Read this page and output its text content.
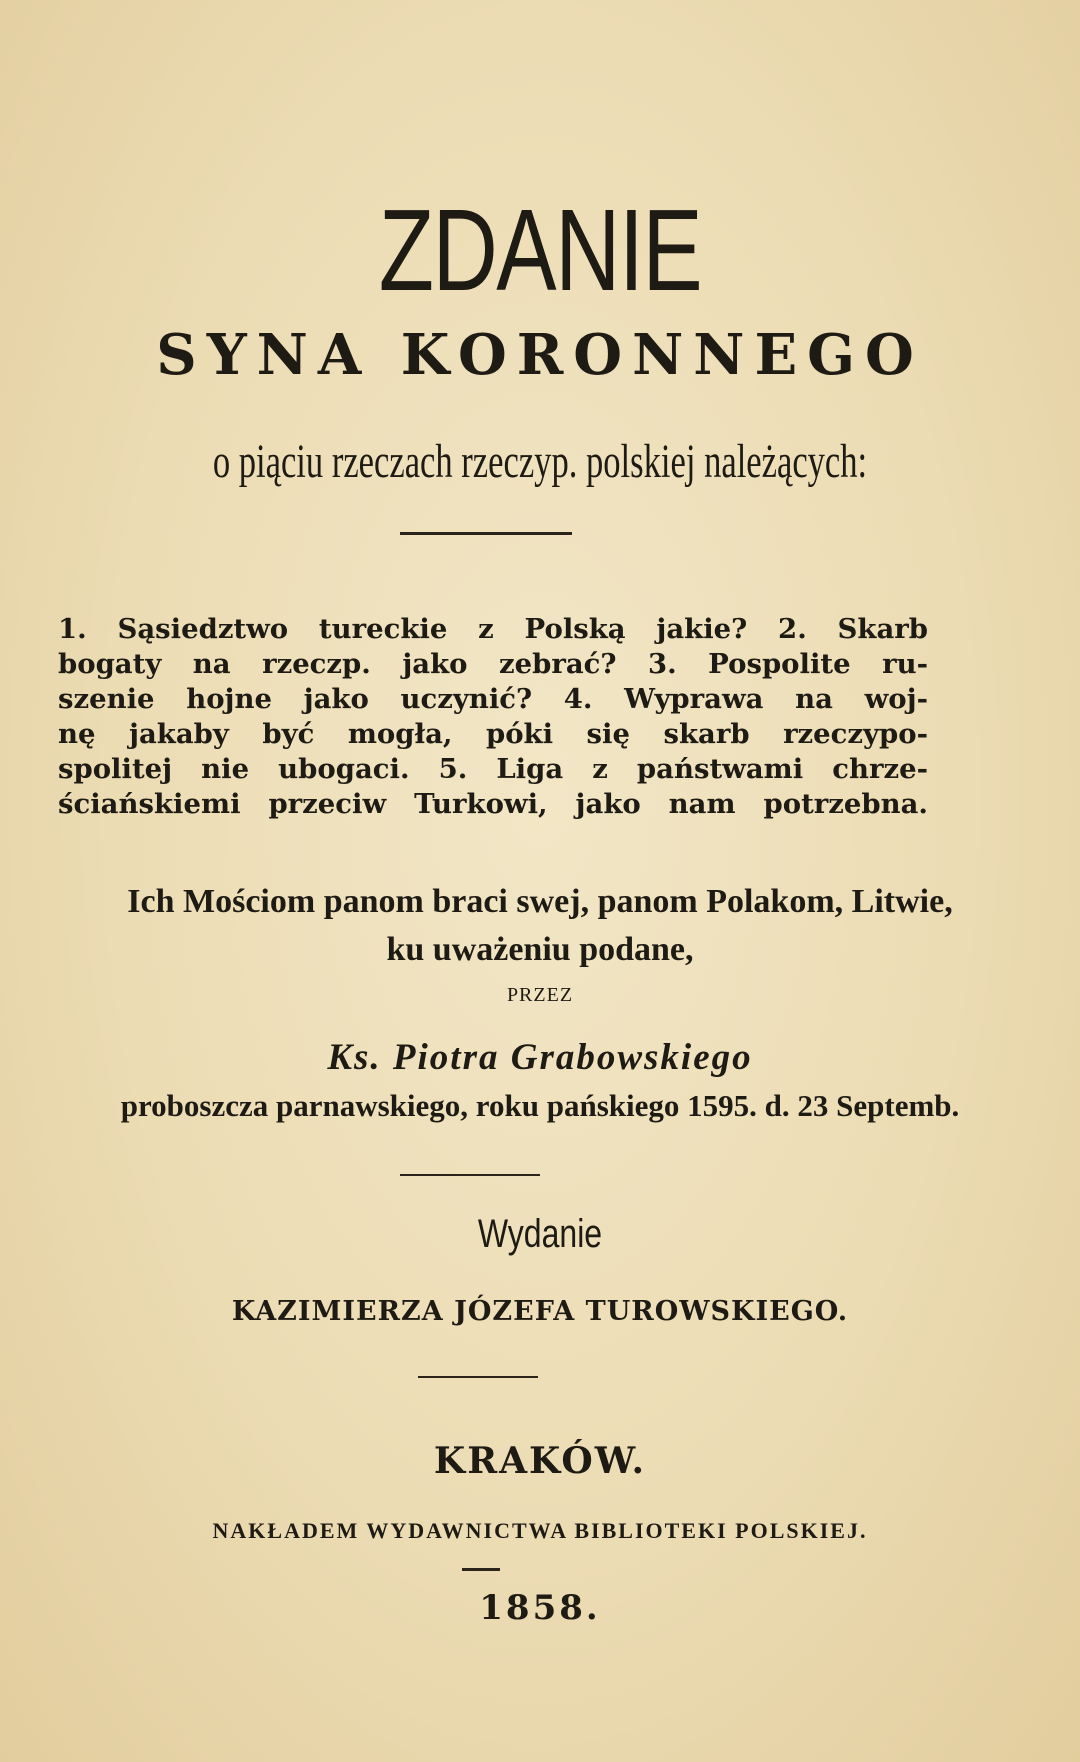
ZDANIE
SYNA KORONNEGO
o piąciu rzeczach rzeczyp. polskiej należących:
1. Sąsiedztwo tureckie z Polską jakie? 2. Skarb
bogaty na rzeczp. jako zebrać? 3. Pospolite ru-
szenie hojne jako uczynić? 4. Wyprawa na woj-
nę jakaby być mogła, póki się skarb rzeczypo-
spolitej nie ubogaci. 5. Liga z państwami chrze-
ściańskiemi przeciw Turkowi, jako nam potrzebna.
Ich Mościom panom braci swej, panom Polakom, Litwie,
ku uważeniu podane,
PRZEZ
Ks. Piotra Grabowskiego
proboszcza parnawskiego, roku pańskiego 1595. d. 23 Septemb.
Wydanie
KAZIMIERZA JÓZEFA TUROWSKIEGO.
KRAKÓW.
NAKŁADEM WYDAWNICTWA BIBLIOTEKI POLSKIEJ.
1858.
